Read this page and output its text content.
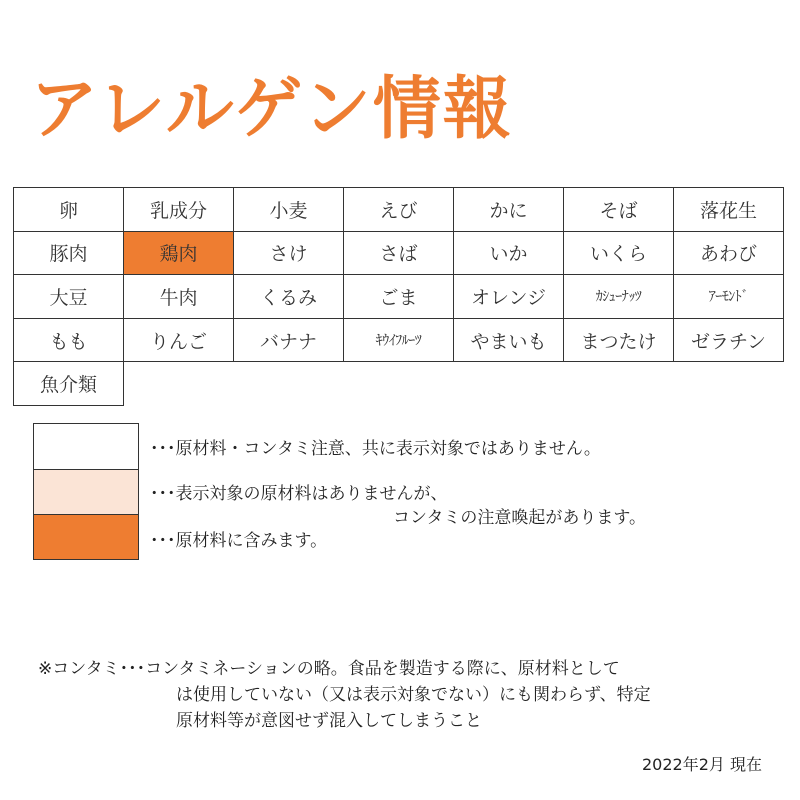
アレルゲン情報
卵	乳成分	小麦	えび	かに	そば	落花生
豚肉	鶏肉	さけ	さば	いか	いくら	あわび
大豆	牛肉	くるみ	ごま	オレンジ	ｶｼｭｰﾅｯﾂ	ｱｰﾓﾝﾄﾞ
もも	りんご	バナナ	ｷｳｲﾌﾙｰﾂ	やまいも	まつたけ	ゼラチン
魚介類
･･･原材料・コンタミ注意、共に表示対象ではありません。
･･･表示対象の原材料はありませんが、
コンタミの注意喚起があります。
･･･原材料に含みます。
※コンタミ･･･コンタミネーションの略。食品を製造する際に、原材料として
は使用していない（又は表示対象でない）にも関わらず、特定
原材料等が意図せず混入してしまうこと
2022年2月 現在
